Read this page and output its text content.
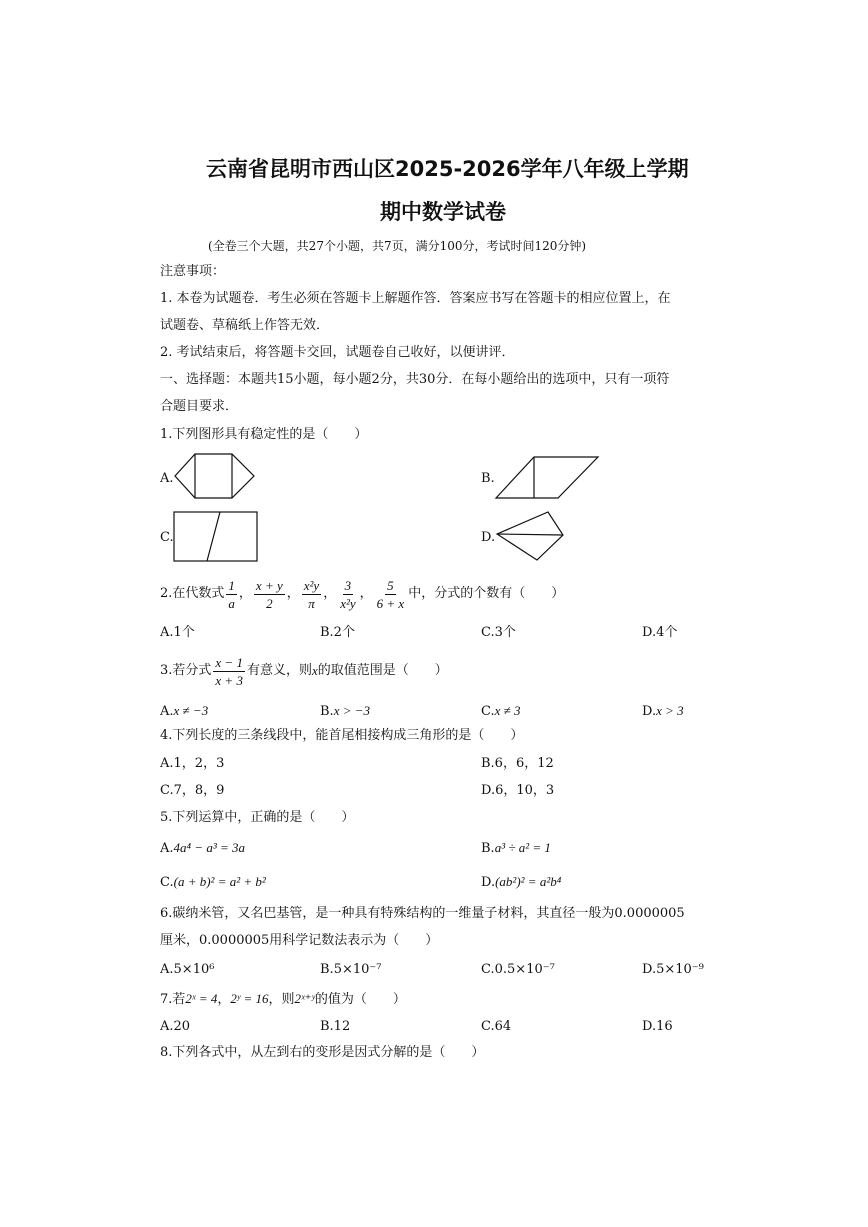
云南省昆明市西山区2025-2026学年八年级上学期
期中数学试卷
(全卷三个大题，共27个小题，共7页，满分100分，考试时间120分钟)
注意事项：
1. 本卷为试题卷．考生必须在答题卡上解题作答．答案应书写在答题卡的相应位置上，在
试题卷、草稿纸上作答无效．
2. 考试结束后，将答题卡交回，试题卷自己收好，以便讲评．
一、选择题：本题共15小题，每小题2分，共30分．在每小题给出的选项中，只有一项符
合题目要求．
1.下列图形具有稳定性的是（　　）
A.	B.
C.	D.
2.在代数式 $\frac{1}{a}$ ， $\frac{x + y}{2}$ ， $\frac{\text{x²y}}{\pi}$ ， $\frac{3}{\text{x²y}}$ ， $\frac{5}{6 + x}$ 中，分式的个数有（　　）
A.1个	B.2个	C.3个	D.4个
3.若分式 $\frac{x - 1}{x + 3}$ 有意义，则 x 的取值范围是（　　）
A.x ≠ −3	B.x > −3	C.x ≠ 3	D.x > 3
4.下列长度的三条线段中，能首尾相接构成三角形的是（　　）
A.1，2，3	B.6，6，12
C.7，8，9	D.6，10，3
5.下列运算中，正确的是（　　）
A.4a⁴ − a³ = 3a	B.a³ ÷ a² = 1
C.(a + b)² = a² + b²	D.(ab²)² = a²b⁴
6.碳纳米管，又名巴基管，是一种具有特殊结构的一维量子材料，其直径一般为0.0000005
厘米，0.0000005用科学记数法表示为（　　）
A.5×10⁶	B.5×10⁻⁷	C.0.5×10⁻⁷	D.5×10⁻⁹
7.若2ˣ = 4，2ʸ = 16，则2ˣ⁺ʸ的值为（　　）
A.20	B.12	C.64	D.16
8.下列各式中，从左到右的变形是因式分解的是（　　）
